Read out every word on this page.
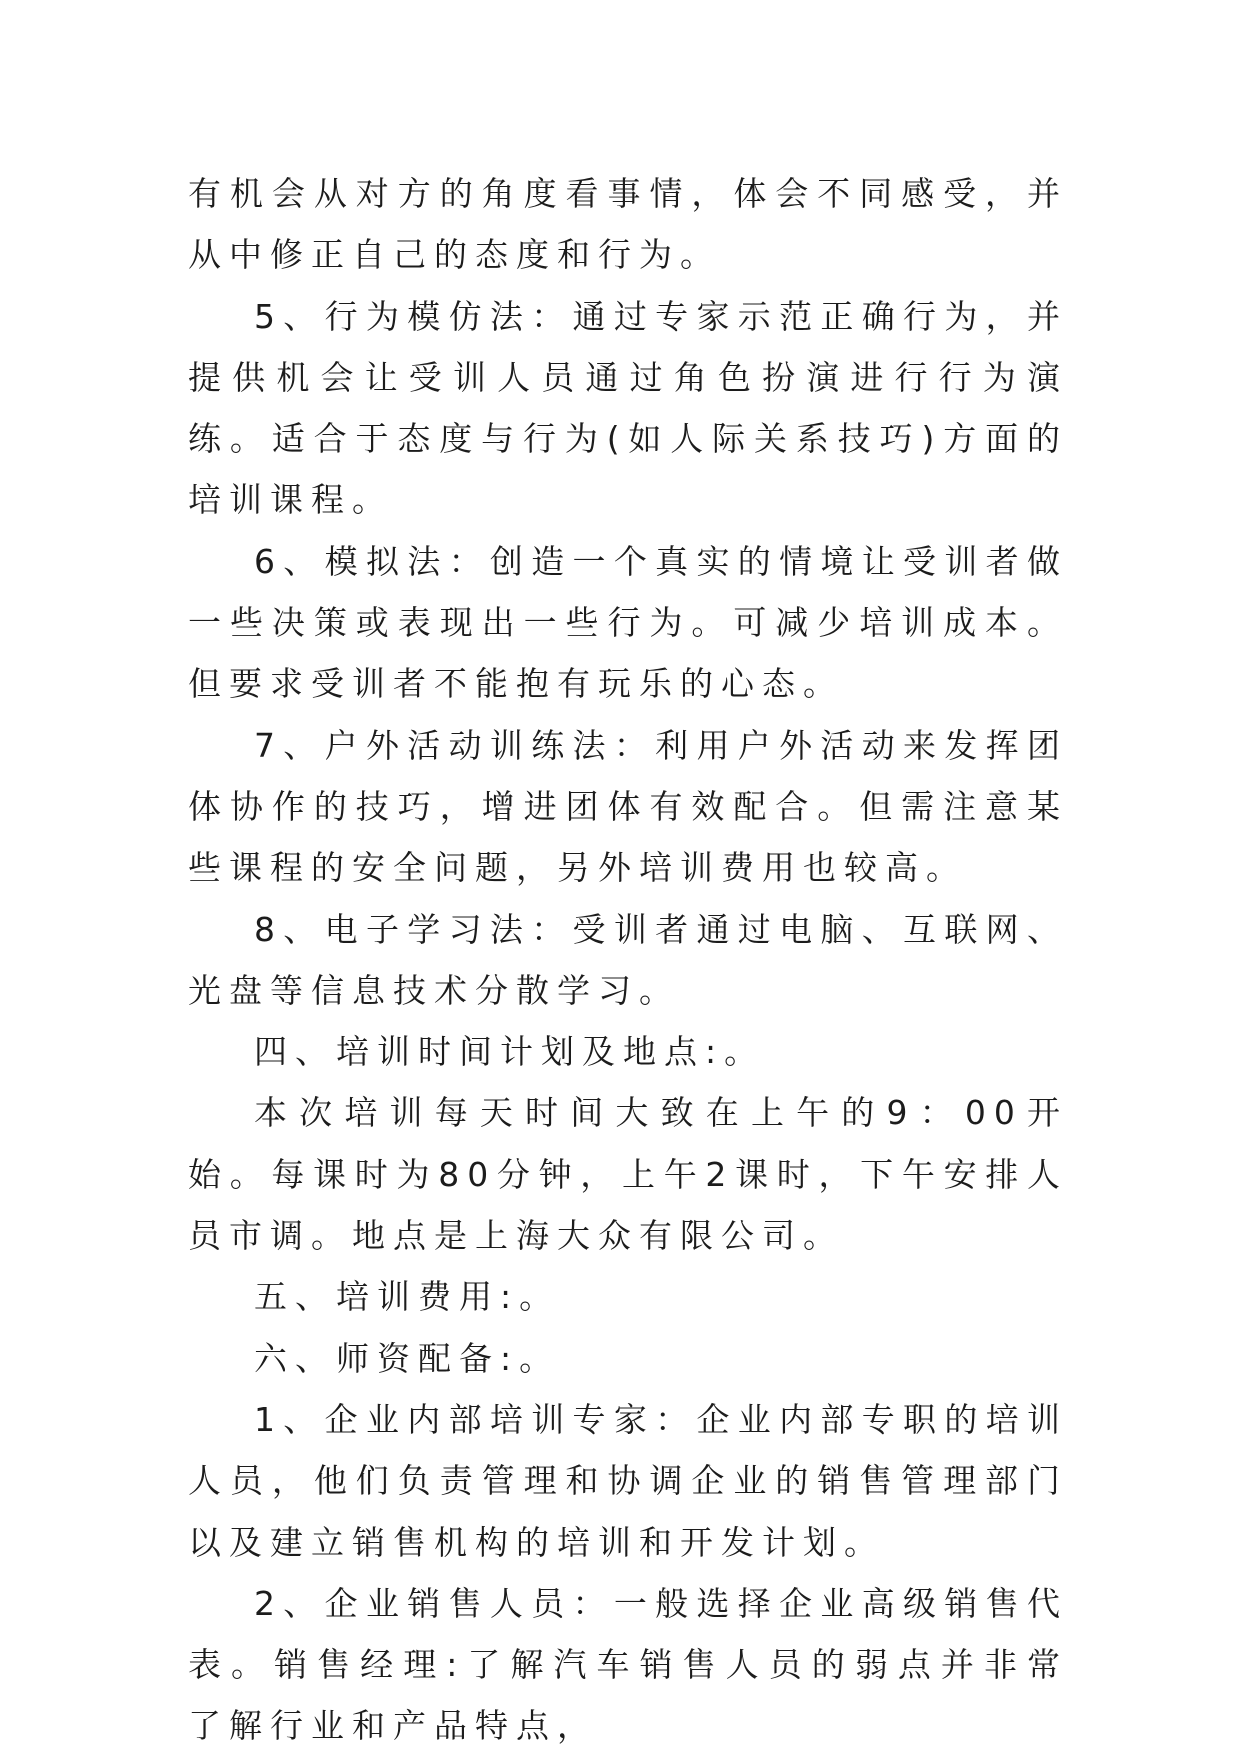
有机会从对方的角度看事情，体会不同感受，并从中修正自己的态度和行为。

5、行为模仿法：通过专家示范正确行为，并提供机会让受训人员通过角色扮演进行行为演练。适合于态度与行为(如人际关系技巧)方面的培训课程。

6、模拟法：创造一个真实的情境让受训者做一些决策或表现出一些行为。可减少培训成本。但要求受训者不能抱有玩乐的心态。

7、户外活动训练法：利用户外活动来发挥团体协作的技巧，增进团体有效配合。但需注意某些课程的安全问题，另外培训费用也较高。

8、电子学习法：受训者通过电脑、互联网、光盘等信息技术分散学习。

四、培训时间计划及地点:。

本次培训每天时间大致在上午的9：00开始。每课时为80分钟，上午2课时，下午安排人员市调。地点是上海大众有限公司。

五、培训费用:。

六、师资配备:。

1、企业内部培训专家：企业内部专职的培训人员，他们负责管理和协调企业的销售管理部门以及建立销售机构的培训和开发计划。

2、企业销售人员：一般选择企业高级销售代表。销售经理:了解汽车销售人员的弱点并非常了解行业和产品特点，
